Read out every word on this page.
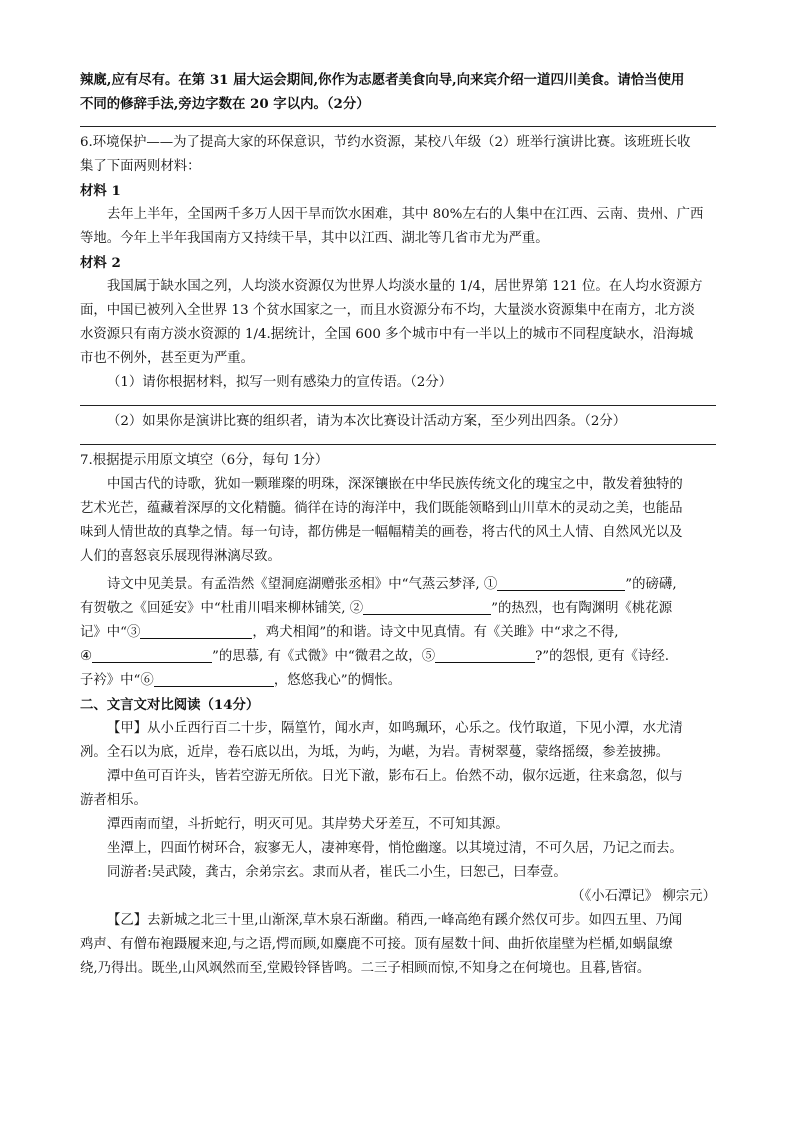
辣廐,应有尽有。在第 31 届大运会期间,你作为志愿者美食向导,向来宾介绍一道四川美食。请恰当使用

不同的修辞手法,旁边字数在 20 字以内。（2分）

6.环境保护——为了提高大家的环保意识，节约水资源，某校八年级（2）班举行演讲比赛。该班班长收

集了下面两则材料：

材料 1

去年上半年，全国两千多万人因干旱而饮水困难，其中 80%左右的人集中在江西、云南、贵州、广西

等地。今年上半年我国南方又持续干旱，其中以江西、湖北等几省市尤为严重。

材料 2

我国属于缺水国之列，人均淡水资源仅为世界人均淡水量的 1/4，居世界第 121 位。在人均水资源方

面，中国已被列入全世界 13 个贫水国家之一，而且水资源分布不均，大量淡水资源集中在南方，北方淡

水资源只有南方淡水资源的 1/4.据统计，全国 600 多个城市中有一半以上的城市不同程度缺水，沿海城

市也不例外，甚至更为严重。

（1）请你根据材料，拟写一则有感染力的宣传语。（2分）

（2）如果你是演讲比赛的组织者，请为本次比赛设计活动方案，至少列出四条。（2分）

7.根据提示用原文填空（6分，每句 1分）

中国古代的诗歌，犹如一颗璀璨的明珠，深深镶嵌在中华民族传统文化的瑰宝之中，散发着独特的

艺术光芒，蕴藏着深厚的文化精髓。徜徉在诗的海洋中，我们既能领略到山川草木的灵动之美，也能品

味到人情世故的真挚之情。每一句诗，都仿佛是一幅幅精美的画卷，将古代的风土人情、自然风光以及

人们的喜怒哀乐展现得淋漓尽致。

诗文中见美景。有孟浩然《望洞庭湖赠张丞相》中“气蒸云梦泽, ①	”的磅礴,

有贺敬之《回延安》中“杜甫川唱来柳林铺笑, ②	”的热烈，也有陶渊明《桃花源

记》中“③	，鸡犬相闻”的和谐。诗文中见真情。有《关雎》中“求之不得,

④	”的思慕, 有《式微》中“微君之故，⑤	?”的怨恨, 更有《诗经.

子衿》中“⑥	，悠悠我心”的惆怅。

二、文言文对比阅读（14分）

【甲】从小丘西行百二十步，隔篁竹，闻水声，如鸣珮环，心乐之。伐竹取道，下见小潭，水尤清

冽。全石以为底，近岸，卷石底以出，为坻，为屿，为嵁，为岩。青树翠蔓，蒙络摇缀，参差披拂。

潭中鱼可百许头，皆若空游无所依。日光下澈，影布石上。佁然不动，俶尔远逝，往来翕忽，似与

游者相乐。

潭西南而望，斗折蛇行，明灭可见。其岸势犬牙差互，不可知其源。

坐潭上，四面竹树环合，寂寥无人，凄神寒骨，悄怆幽邃。以其境过清，不可久居，乃记之而去。

同游者:吴武陵，龚古，余弟宗玄。隶而从者，崔氏二小生，曰恕己，曰奉壹。

（《小石潭记》 柳宗元）

【乙】去新城之北三十里,山渐深,草木泉石渐幽。稍西,一峰高绝有蹊介然仅可步。如四五里、乃闻

鸡声、有僧布袍蹑履来迎,与之语,愕而顾,如麋鹿不可接。顶有屋数十间、曲折依崖壁为栏楯,如蜗鼠缭

绕,乃得出。既坐,山风飒然而至,堂殿铃铎皆鸣。二三子相顾而惊,不知身之在何境也。且暮,皆宿。
